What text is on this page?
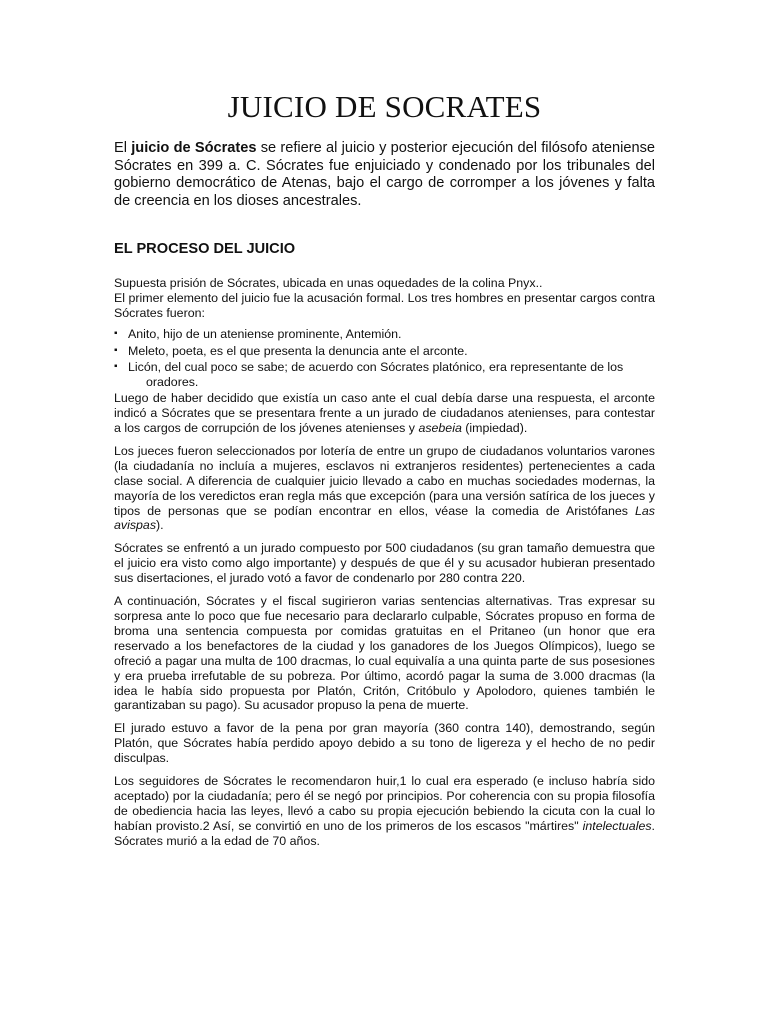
JUICIO DE SOCRATES

El juicio de Sócrates se refiere al juicio y posterior ejecución del filósofo ateniense Sócrates en 399 a. C. Sócrates fue enjuiciado y condenado por los tribunales del gobierno democrático de Atenas, bajo el cargo de corromper a los jóvenes y falta de creencia en los dioses ancestrales.

EL PROCESO DEL JUICIO

Supuesta prisión de Sócrates, ubicada en unas oquedades de la colina Pnyx..

El primer elemento del juicio fue la acusación formal. Los tres hombres en presentar cargos contra Sócrates fueron:

▪ Anito, hijo de un ateniense prominente, Antemión.
▪ Meleto, poeta, es el que presenta la denuncia ante el arconte.
▪ Licón, del cual poco se sabe; de acuerdo con Sócrates platónico, era representante de los
oradores.

Luego de haber decidido que existía un caso ante el cual debía darse una respuesta, el arconte indicó a Sócrates que se presentara frente a un jurado de ciudadanos atenienses, para contestar a los cargos de corrupción de los jóvenes atenienses y asebeia (impiedad).

Los jueces fueron seleccionados por lotería de entre un grupo de ciudadanos voluntarios varones (la ciudadanía no incluía a mujeres, esclavos ni extranjeros residentes) pertenecientes a cada clase social. A diferencia de cualquier juicio llevado a cabo en muchas sociedades modernas, la mayoría de los veredictos eran regla más que excepción (para una versión satírica de los jueces y tipos de personas que se podían encontrar en ellos, véase la comedia de Aristófanes Las avispas).

Sócrates se enfrentó a un jurado compuesto por 500 ciudadanos (su gran tamaño demuestra que el juicio era visto como algo importante) y después de que él y su acusador hubieran presentado sus disertaciones, el jurado votó a favor de condenarlo por 280 contra 220.

A continuación, Sócrates y el fiscal sugirieron varias sentencias alternativas. Tras expresar su sorpresa ante lo poco que fue necesario para declararlo culpable, Sócrates propuso en forma de broma una sentencia compuesta por comidas gratuitas en el Pritaneo (un honor que era reservado a los benefactores de la ciudad y los ganadores de los Juegos Olímpicos), luego se ofreció a pagar una multa de 100 dracmas, lo cual equivalía a una quinta parte de sus posesiones y era prueba irrefutable de su pobreza. Por último, acordó pagar la suma de 3.000 dracmas (la idea le había sido propuesta por Platón, Critón, Critóbulo y Apolodoro, quienes también le garantizaban su pago). Su acusador propuso la pena de muerte.

El jurado estuvo a favor de la pena por gran mayoría (360 contra 140), demostrando, según Platón, que Sócrates había perdido apoyo debido a su tono de ligereza y el hecho de no pedir disculpas.

Los seguidores de Sócrates le recomendaron huir,1 lo cual era esperado (e incluso habría sido aceptado) por la ciudadanía; pero él se negó por principios. Por coherencia con su propia filosofía de obediencia hacia las leyes, llevó a cabo su propia ejecución bebiendo la cicuta con la cual lo habían provisto.2 Así, se convirtió en uno de los primeros de los escasos "mártires" intelectuales. Sócrates murió a la edad de 70 años.
